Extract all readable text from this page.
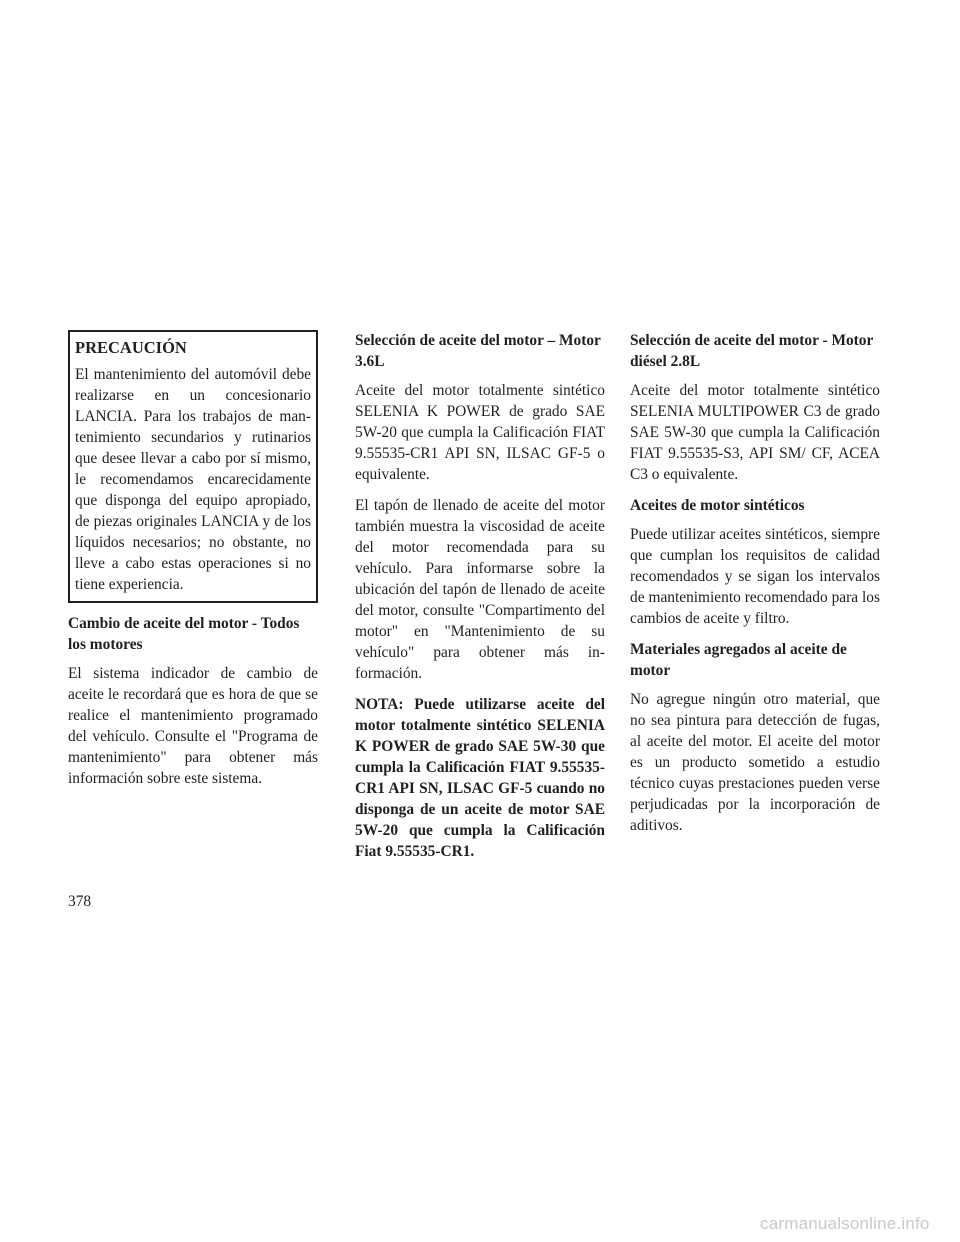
PRECAUCIÓN

El mantenimiento del automóvil debe realizarse en un concesionario LANCIA. Para los trabajos de mantenimiento secundarios y rutinarios que desee llevar a cabo por sí mismo, le recomendamos encarecidamente que disponga del equipo apropiado, de piezas originales LANCIA y de los líquidos necesarios; no obstante, no lleve a cabo estas operaciones si no tiene experiencia.

Cambio de aceite del motor - Todos los motores

El sistema indicador de cambio de aceite le recordará que es hora de que se realice el mantenimiento programado del vehículo. Consulte el "Programa de mantenimiento" para obtener más información sobre este sistema.

Selección de aceite del motor – Motor 3.6L

Aceite del motor totalmente sintético SELENIA K POWER de grado SAE 5W-20 que cumpla la Calificación FIAT 9.55535-CR1 API SN, ILSAC GF-5 o equivalente.

El tapón de llenado de aceite del motor también muestra la viscosidad de aceite del motor recomendada para su vehículo. Para informarse sobre la ubicación del tapón de llenado de aceite del motor, consulte "Compartimento del motor" en "Mantenimiento de su vehículo" para obtener más información.

NOTA: Puede utilizarse aceite del motor totalmente sintético SELENIA K POWER de grado SAE 5W-30 que cumpla la Calificación FIAT 9.55535-CR1 API SN, ILSAC GF-5 cuando no disponga de un aceite de motor SAE 5W-20 que cumpla la Calificación Fiat 9.55535-CR1.

Selección de aceite del motor - Motor diésel 2.8L

Aceite del motor totalmente sintético SELENIA MULTIPOWER C3 de grado SAE 5W-30 que cumpla la Calificación FIAT 9.55535-S3, API SM/ CF, ACEA C3 o equivalente.

Aceites de motor sintéticos

Puede utilizar aceites sintéticos, siempre que cumplan los requisitos de calidad recomendados y se sigan los intervalos de mantenimiento recomendado para los cambios de aceite y filtro.

Materiales agregados al aceite de motor

No agregue ningún otro material, que no sea pintura para detección de fugas, al aceite del motor. El aceite del motor es un producto sometido a estudio técnico cuyas prestaciones pueden verse perjudicadas por la incorporación de aditivos.

378
carmanualsonline.info
